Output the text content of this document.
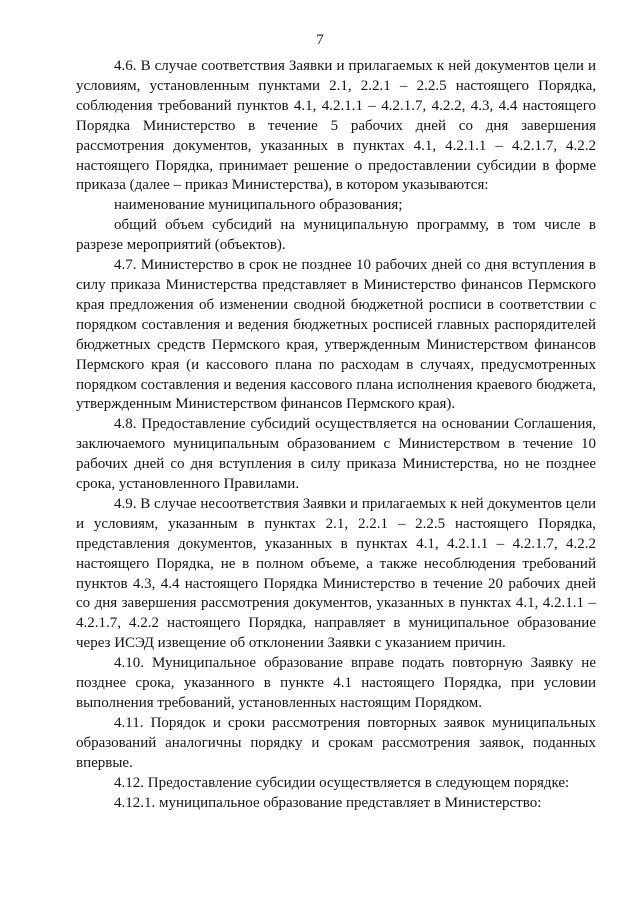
7

4.6. В случае соответствия Заявки и прилагаемых к ней документов цели и условиям, установленным пунктами 2.1, 2.2.1 – 2.2.5 настоящего Порядка, соблюдения требований пунктов 4.1, 4.2.1.1 – 4.2.1.7, 4.2.2, 4.3, 4.4 настоящего Порядка Министерство в течение 5 рабочих дней со дня завершения рассмотрения документов, указанных в пунктах 4.1, 4.2.1.1 – 4.2.1.7, 4.2.2 настоящего Порядка, принимает решение о предоставлении субсидии в форме приказа (далее – приказ Министерства), в котором указываются:

наименование муниципального образования;

общий объем субсидий на муниципальную программу, в том числе в разрезе мероприятий (объектов).

4.7. Министерство в срок не позднее 10 рабочих дней со дня вступления в силу приказа Министерства представляет в Министерство финансов Пермского края предложения об изменении сводной бюджетной росписи в соответствии с порядком составления и ведения бюджетных росписей главных распорядителей бюджетных средств Пермского края, утвержденным Министерством финансов Пермского края (и кассового плана по расходам в случаях, предусмотренных порядком составления и ведения кассового плана исполнения краевого бюджета, утвержденным Министерством финансов Пермского края).

4.8. Предоставление субсидий осуществляется на основании Соглашения, заключаемого муниципальным образованием с Министерством в течение 10 рабочих дней со дня вступления в силу приказа Министерства, но не позднее срока, установленного Правилами.

4.9. В случае несоответствия Заявки и прилагаемых к ней документов цели и условиям, указанным в пунктах 2.1, 2.2.1 – 2.2.5 настоящего Порядка, представления документов, указанных в пунктах 4.1, 4.2.1.1 – 4.2.1.7, 4.2.2 настоящего Порядка, не в полном объеме, а также несоблюдения требований пунктов 4.3, 4.4 настоящего Порядка Министерство в течение 20 рабочих дней со дня завершения рассмотрения документов, указанных в пунктах 4.1, 4.2.1.1 – 4.2.1.7, 4.2.2 настоящего Порядка, направляет в муниципальное образование через ИСЭД извещение об отклонении Заявки с указанием причин.

4.10. Муниципальное образование вправе подать повторную Заявку не позднее срока, указанного в пункте 4.1 настоящего Порядка, при условии выполнения требований, установленных настоящим Порядком.

4.11. Порядок и сроки рассмотрения повторных заявок муниципальных образований аналогичны порядку и срокам рассмотрения заявок, поданных впервые.

4.12. Предоставление субсидии осуществляется в следующем порядке:

4.12.1. муниципальное образование представляет в Министерство:
